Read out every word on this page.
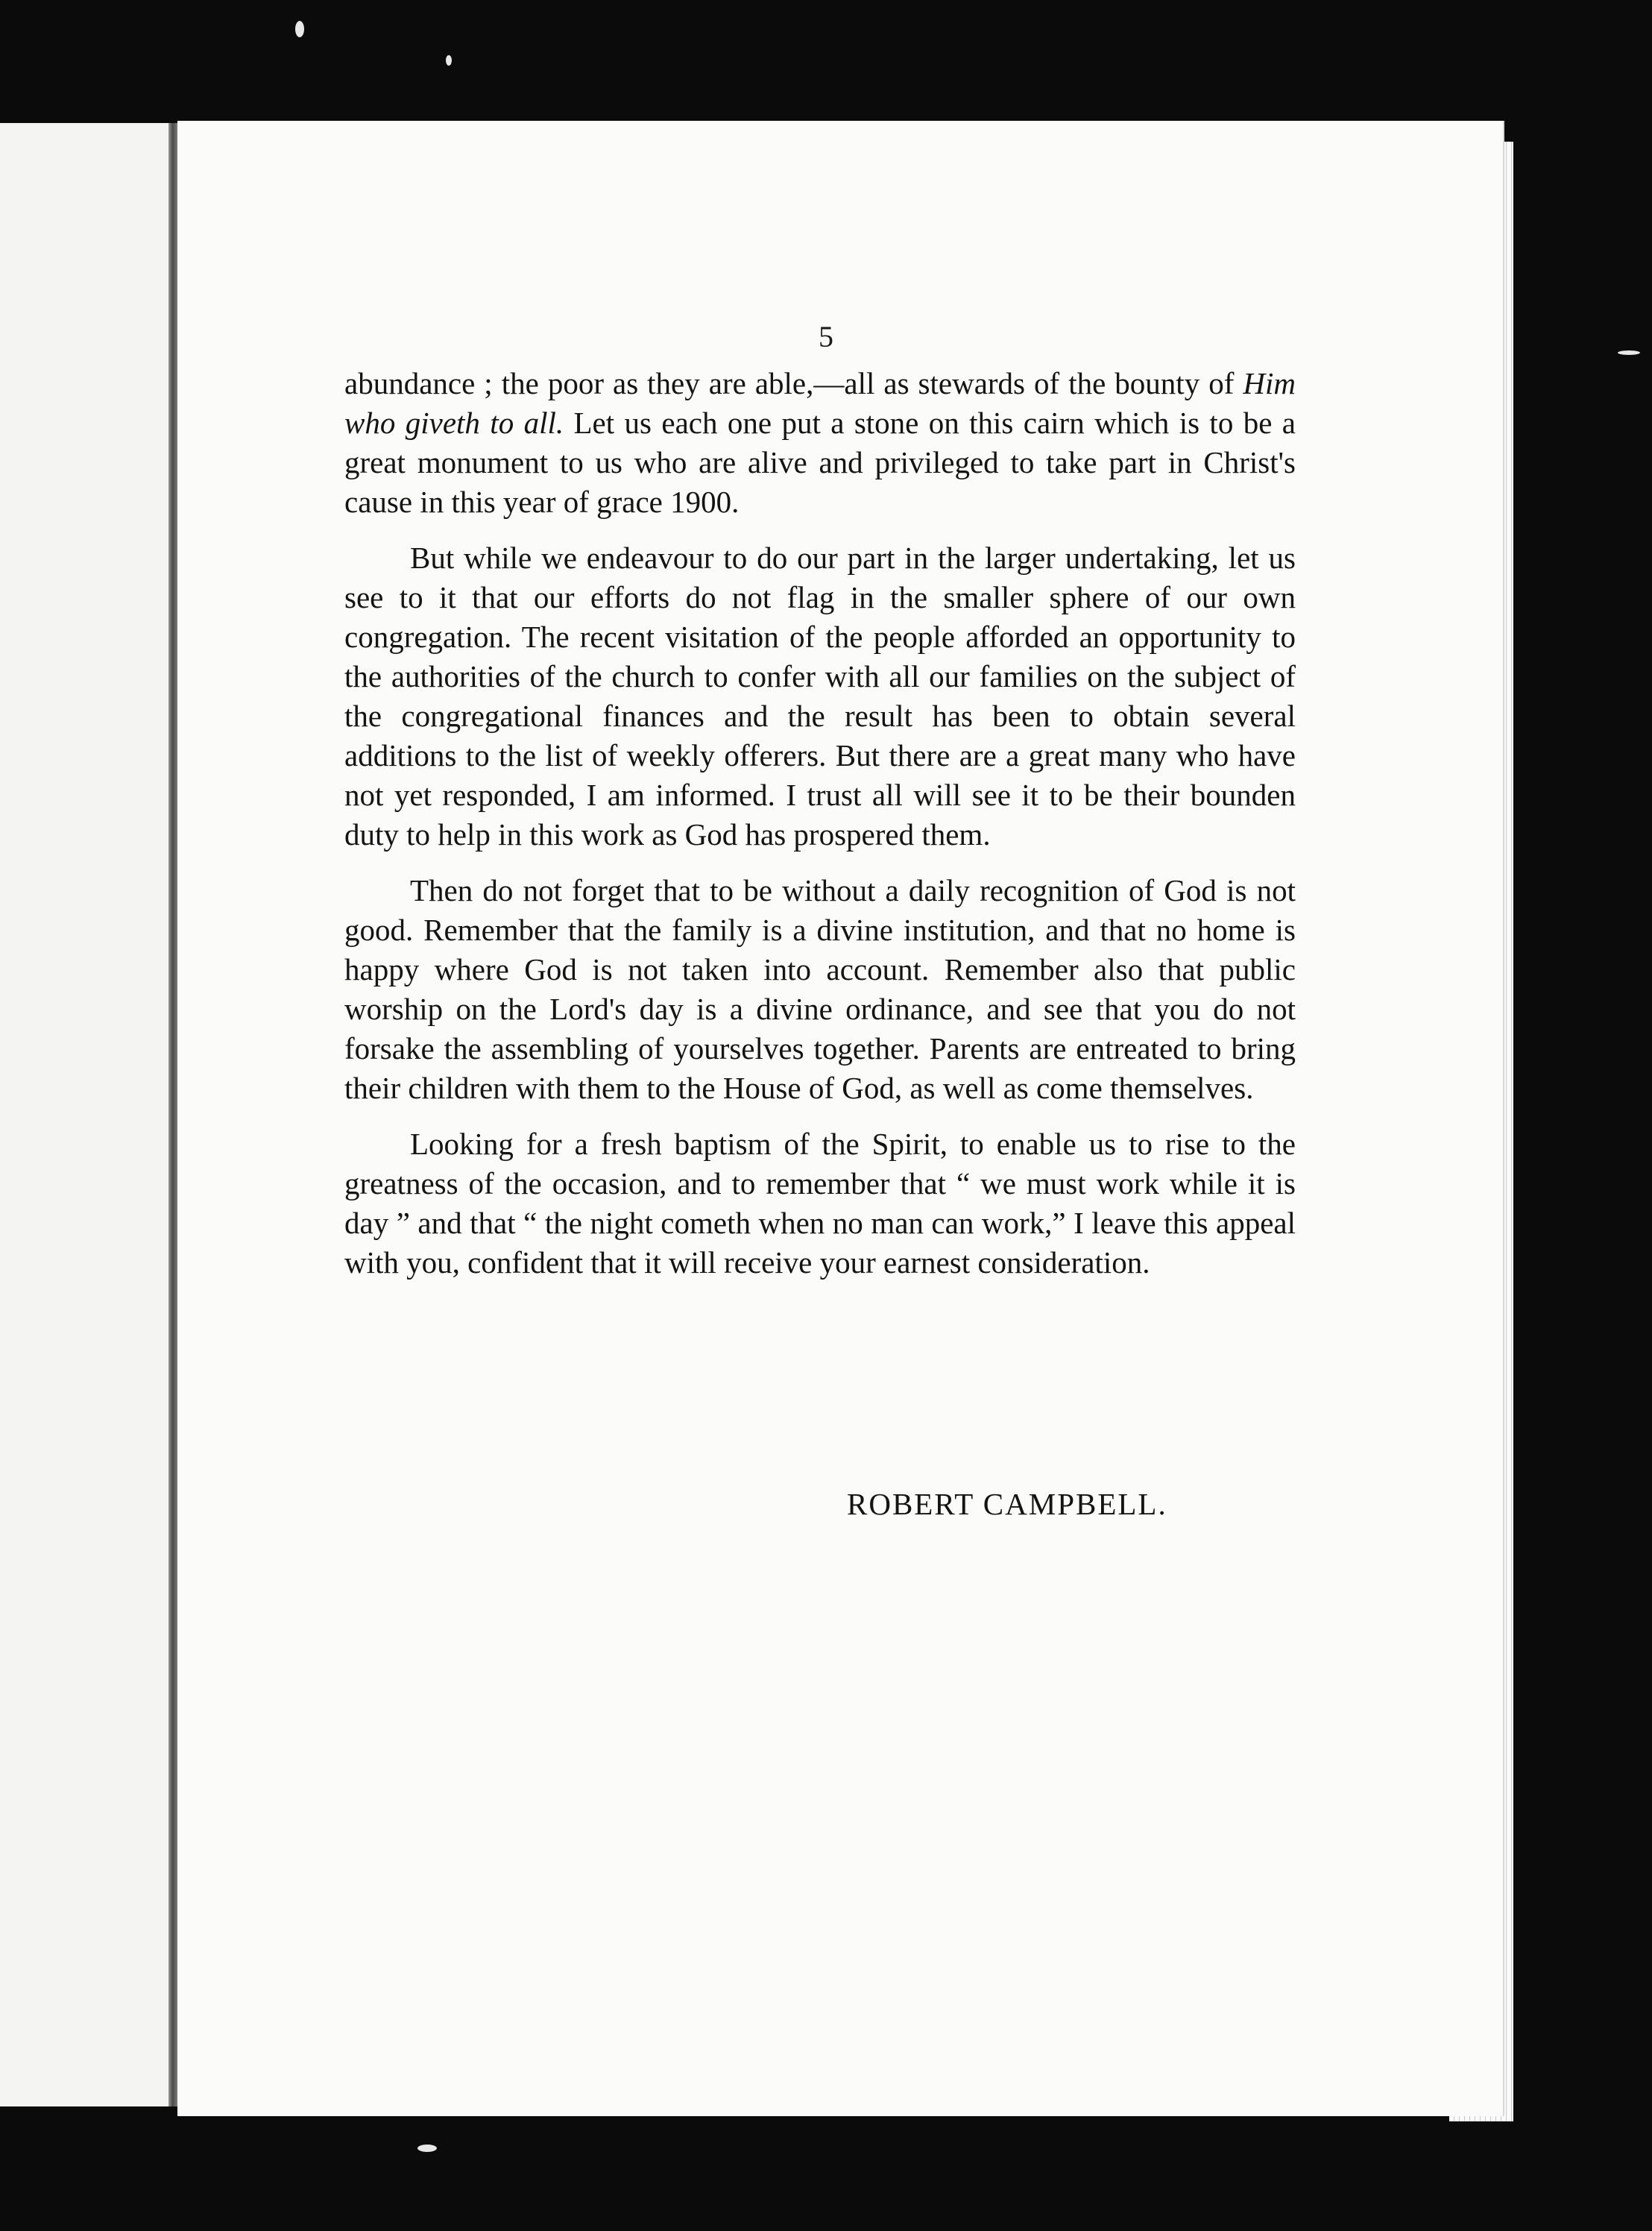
5

abundance ; the poor as they are able,—all as stewards of the bounty of Him who giveth to all. Let us each one put a stone on this cairn which is to be a great monument to us who are alive and privileged to take part in Christ's cause in this year of grace 1900.

But while we endeavour to do our part in the larger undertaking, let us see to it that our efforts do not flag in the smaller sphere of our own congregation. The recent visitation of the people afforded an opportunity to the authorities of the church to confer with all our families on the subject of the congregational finances and the result has been to obtain several additions to the list of weekly offerers. But there are a great many who have not yet responded, I am informed. I trust all will see it to be their bounden duty to help in this work as God has prospered them.

Then do not forget that to be without a daily recognition of God is not good. Remember that the family is a divine institution, and that no home is happy where God is not taken into account. Remember also that public worship on the Lord's day is a divine ordinance, and see that you do not forsake the assembling of yourselves together. Parents are entreated to bring their children with them to the House of God, as well as come themselves.

Looking for a fresh baptism of the Spirit, to enable us to rise to the greatness of the occasion, and to remember that “ we must work while it is day ” and that “ the night cometh when no man can work,” I leave this appeal with you, confident that it will receive your earnest consideration.

ROBERT CAMPBELL.
